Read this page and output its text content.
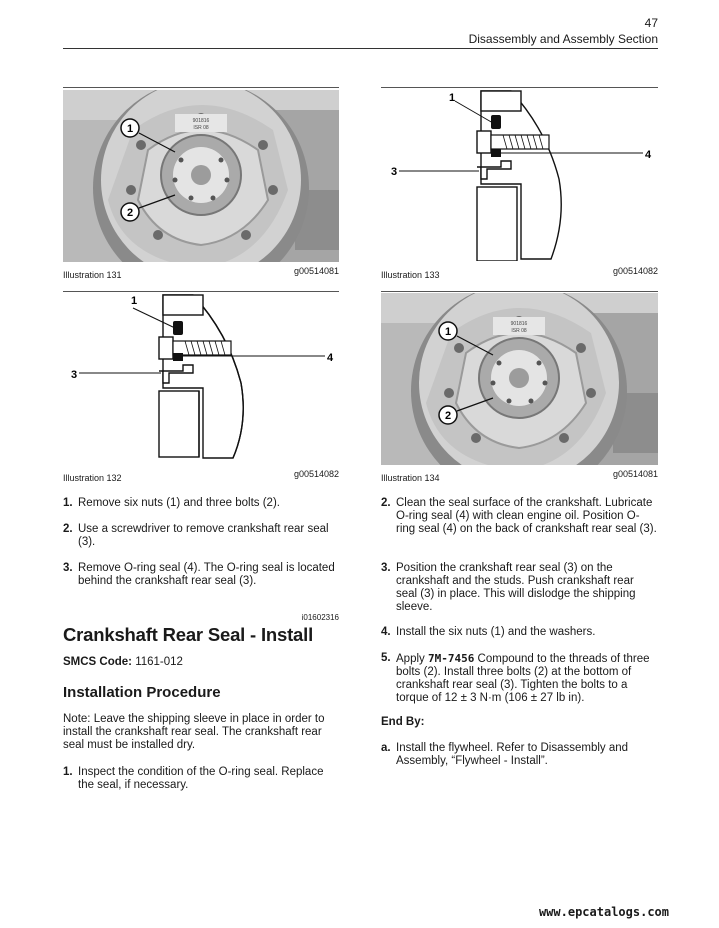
47
Disassembly and Assembly Section
901816
ISR 08
1
2
Illustration 131	g00514081
1
3
4
Illustration 132	g00514082
1. Remove six nuts (1) and three bolts (2).
2. Use a screwdriver to remove crankshaft rear seal (3).
3. Remove O-ring seal (4). The O-ring seal is located behind the crankshaft rear seal (3).
i01602316
Crankshaft Rear Seal - Install
SMCS Code: 1161-012
Installation Procedure
Note: Leave the shipping sleeve in place in order to install the crankshaft rear seal. The crankshaft rear seal must be installed dry.
1. Inspect the condition of the O-ring seal. Replace the seal, if necessary.
1
3
4
Illustration 133	g00514082
901816
ISR 08
1
2
Illustration 134	g00514081
2. Clean the seal surface of the crankshaft. Lubricate O-ring seal (4) with clean engine oil. Position O-ring seal (4) on the back of crankshaft rear seal (3).
3. Position the crankshaft rear seal (3) on the crankshaft and the studs. Push crankshaft rear seal (3) in place. This will dislodge the shipping sleeve.
4. Install the six nuts (1) and the washers.
5. Apply 7M-7456 Compound to the threads of three bolts (2). Install three bolts (2) at the bottom of crankshaft rear seal (3). Tighten the bolts to a torque of 12 ± 3 N·m (106 ± 27 lb in).
End By:
a. Install the flywheel. Refer to Disassembly and Assembly, “Flywheel - Install”.
www.epcatalogs.com
